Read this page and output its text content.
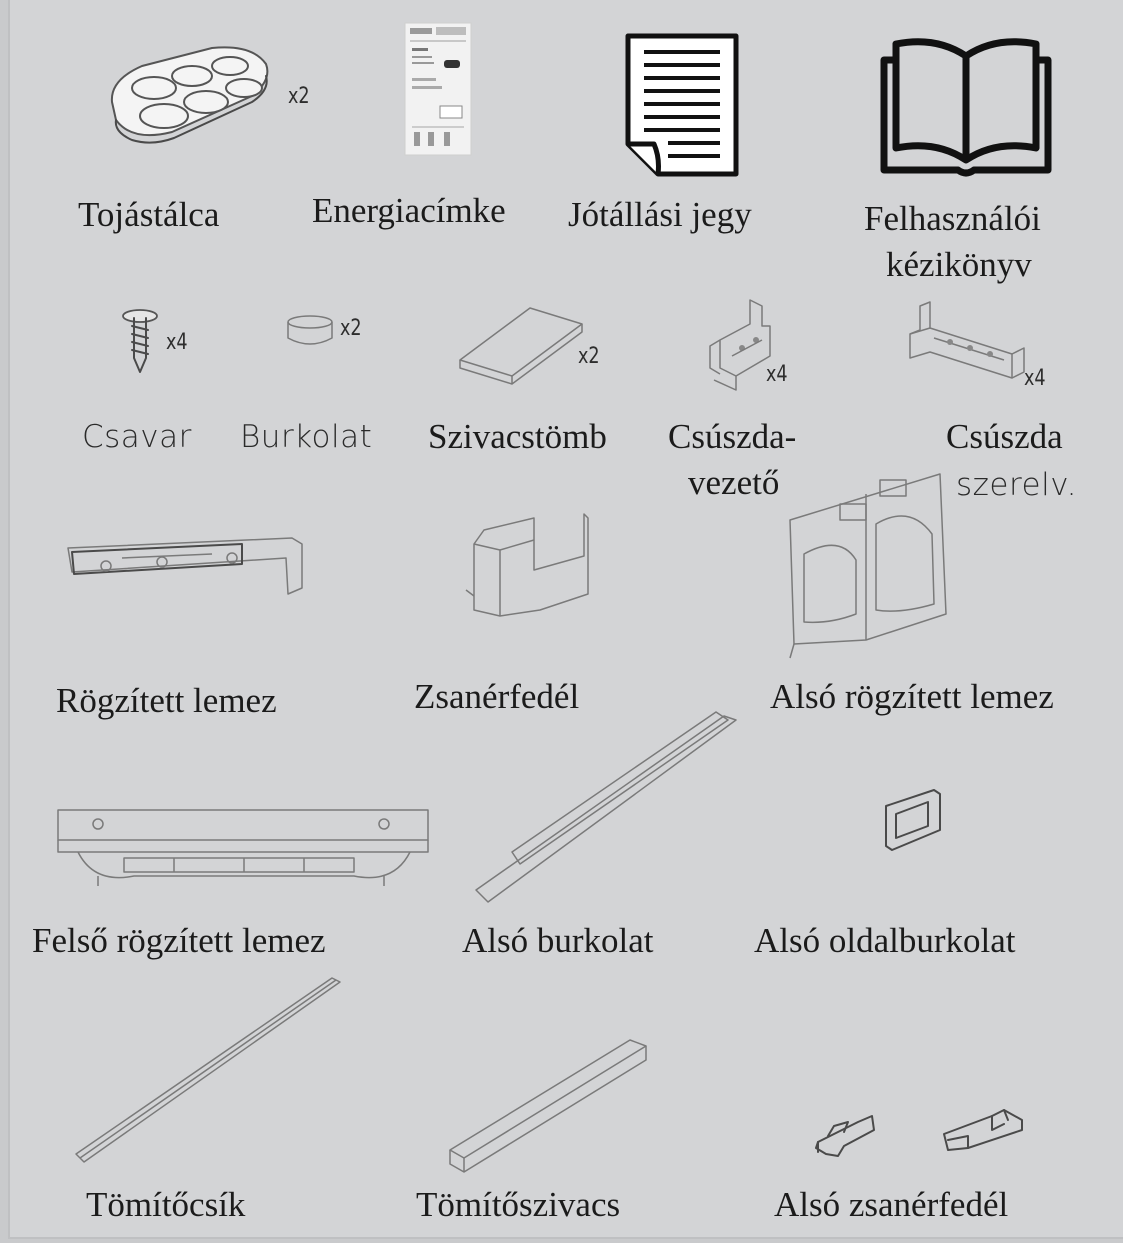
x2
Tojástálca	Energiacímke Jótállási jegy	Felhasználói
kézikönyv
x4
Csavar
x2
Burkolat
x2
Szivacstömb
x4
Csúszda-
vezető
x4
Csúszda
szerelv.
Rögzített lemez	Zsanérfedél	Alsó rögzített lemez
Felső rögzített lemez	Alsó burkolat	Alsó oldalburkolat
Tömítőcsík	Tömítőszivacs	Alsó zsanérfedél
